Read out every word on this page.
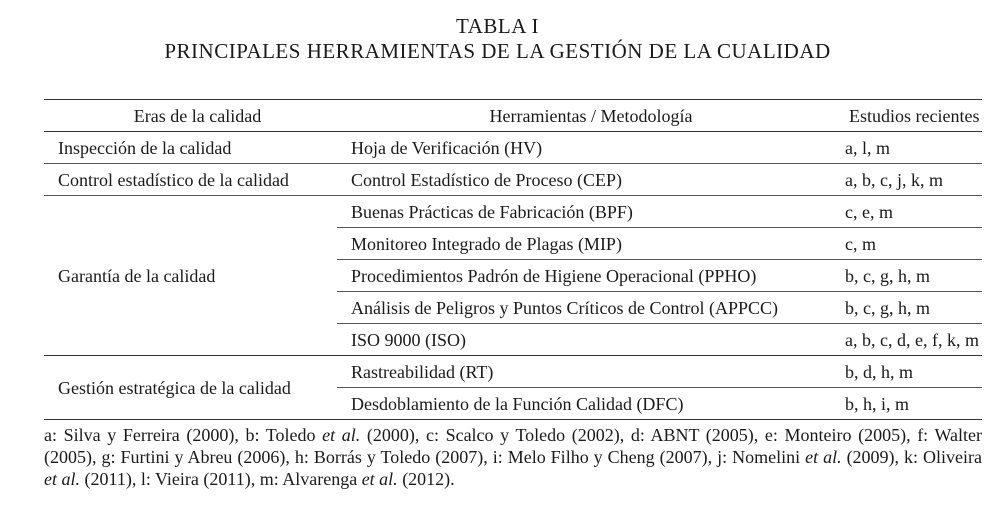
TABLA I
PRINCIPALES HERRAMIENTAS DE LA GESTIÓN DE LA CUALIDAD
Eras de la calidad	Herramientas / Metodología	Estudios recientes
Inspección de la calidad	Hoja de Verificación (HV)	a, l, m
Control estadístico de la calidad	Control Estadístico de Proceso (CEP)	a, b, c, j, k, m
Garantía de la calidad	Buenas Prácticas de Fabricación (BPF)	c, e, m
	Monitoreo Integrado de Plagas (MIP)	c, m
	Procedimientos Padrón de Higiene Operacional (PPHO)	b, c, g, h, m
	Análisis de Peligros y Puntos Críticos de Control (APPCC)	b, c, g, h, m
	ISO 9000 (ISO)	a, b, c, d, e, f, k, m
Gestión estratégica de la calidad	Rastreabilidad (RT)	b, d, h, m
	Desdoblamiento de la Función Calidad (DFC)	b, h, i, m
a: Silva y Ferreira (2000), b: Toledo et al. (2000), c: Scalco y Toledo (2002), d: ABNT (2005), e: Monteiro (2005), f: Walter (2005), g: Furtini y Abreu (2006), h: Borrás y Toledo (2007), i: Melo Filho y Cheng (2007), j: Nomelini et al. (2009), k: Oliveira et al. (2011), l: Vieira (2011), m: Alvarenga et al. (2012).
